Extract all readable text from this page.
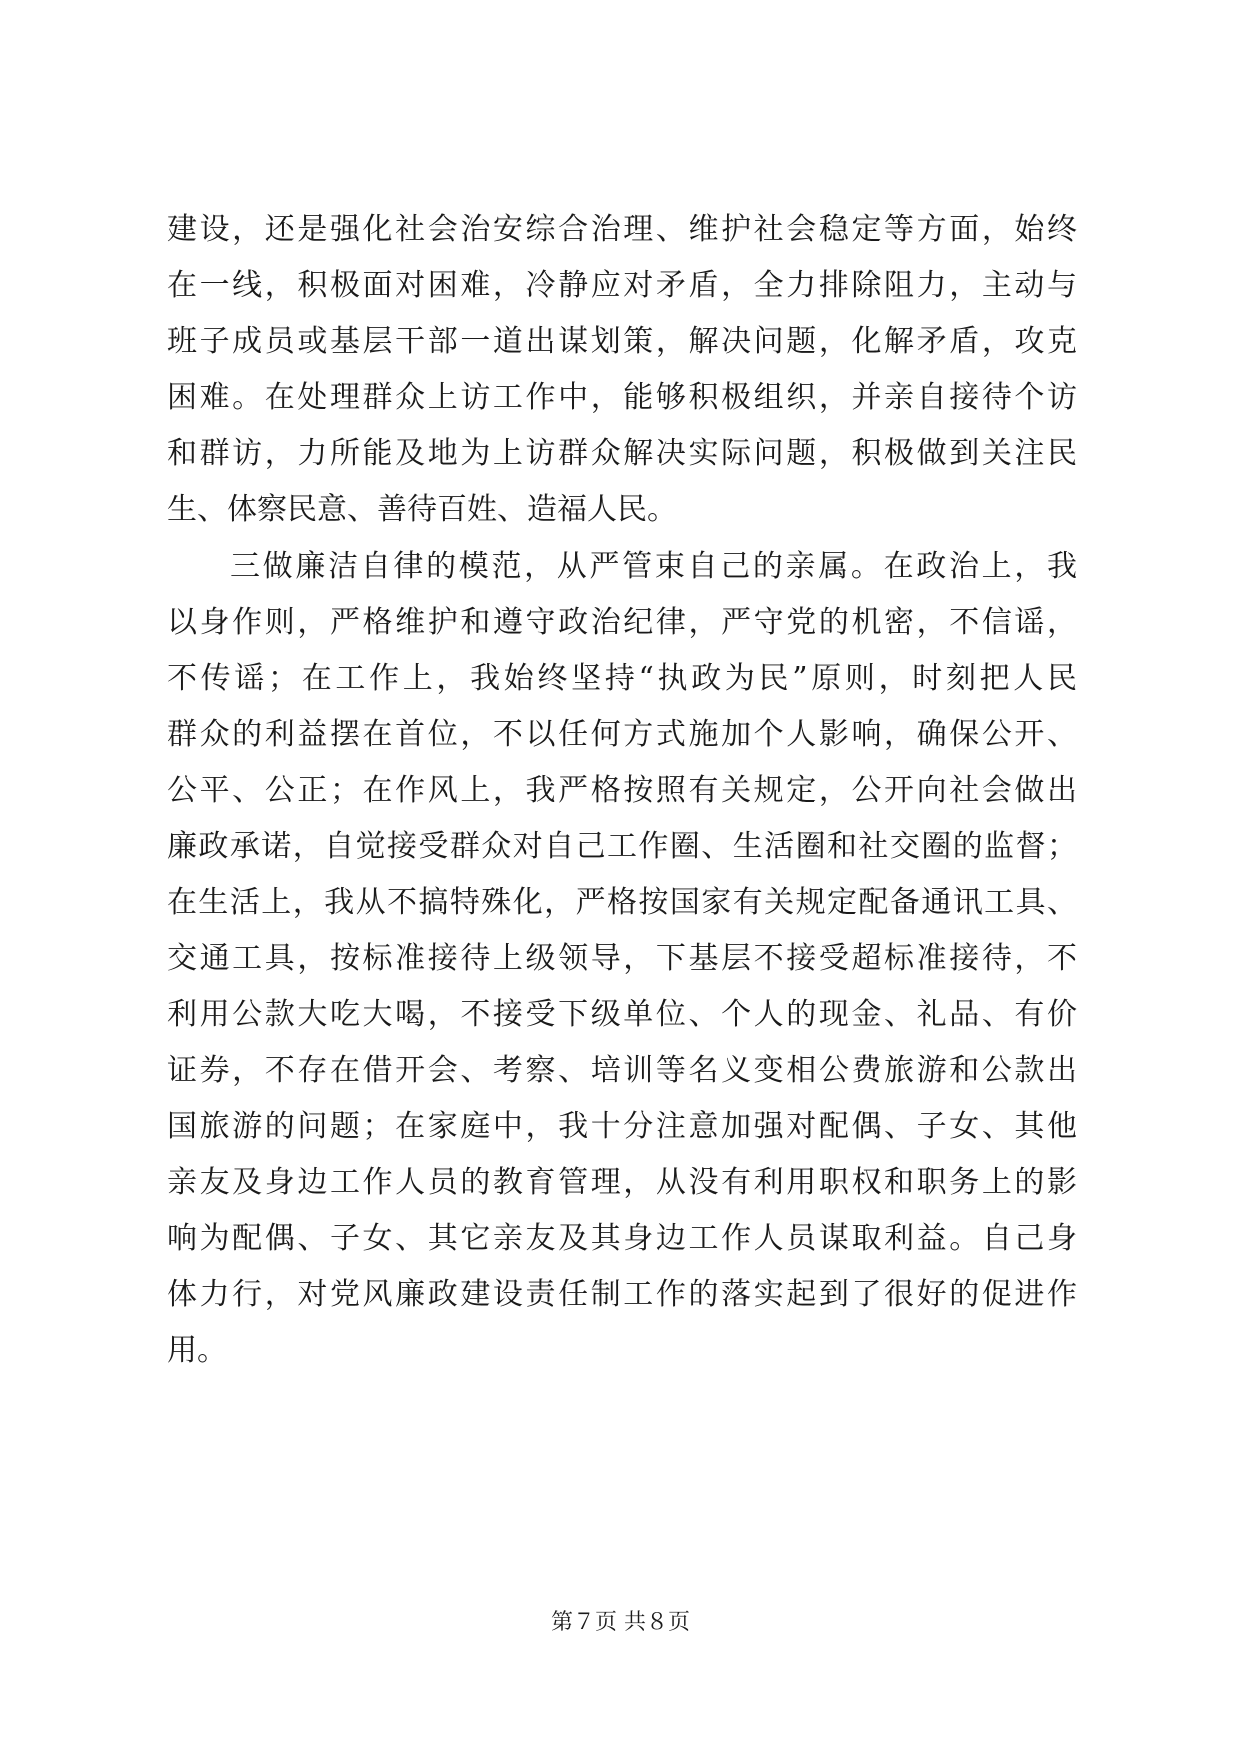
建设，还是强化社会治安综合治理、维护社会稳定等方面，始终
在一线，积极面对困难，冷静应对矛盾，全力排除阻力，主动与
班子成员或基层干部一道出谋划策，解决问题，化解矛盾，攻克
困难。在处理群众上访工作中，能够积极组织，并亲自接待个访
和群访，力所能及地为上访群众解决实际问题，积极做到关注民
生、体察民意、善待百姓、造福人民。
三做廉洁自律的模范，从严管束自己的亲属。在政治上，我
以身作则，严格维护和遵守政治纪律，严守党的机密，不信谣，
不传谣；在工作上，我始终坚持“执政为民”原则，时刻把人民
群众的利益摆在首位，不以任何方式施加个人影响，确保公开、
公平、公正；在作风上，我严格按照有关规定，公开向社会做出
廉政承诺，自觉接受群众对自己工作圈、生活圈和社交圈的监督；
在生活上，我从不搞特殊化，严格按国家有关规定配备通讯工具、
交通工具，按标准接待上级领导，下基层不接受超标准接待，不
利用公款大吃大喝，不接受下级单位、个人的现金、礼品、有价
证券，不存在借开会、考察、培训等名义变相公费旅游和公款出
国旅游的问题；在家庭中，我十分注意加强对配偶、子女、其他
亲友及身边工作人员的教育管理，从没有利用职权和职务上的影
响为配偶、子女、其它亲友及其身边工作人员谋取利益。自己身
体力行，对党风廉政建设责任制工作的落实起到了很好的促进作
用。
第７页 共８页
